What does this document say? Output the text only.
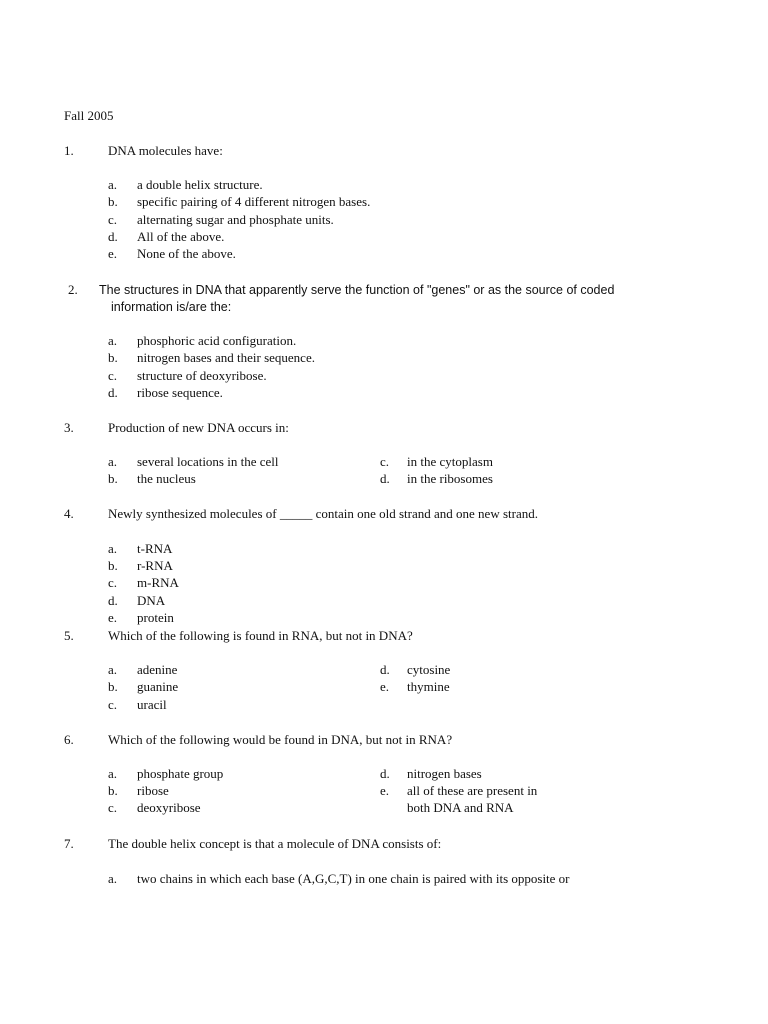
Fall 2005
1.	DNA molecules have:
a. a double helix structure.
b. specific pairing of 4 different nitrogen bases.
c. alternating sugar and phosphate units.
d. All of the above.
e. None of the above.
2. The structures in DNA that apparently serve the function of "genes" or as the source of coded
information is/are the:
a. phosphoric acid configuration.
b. nitrogen bases and their sequence.
c. structure of deoxyribose.
d. ribose sequence.
3.	Production of new DNA occurs in:
a. several locations in the cell
b. the nucleus
c. in the cytoplasm
d. in the ribosomes
4.	Newly synthesized molecules of _____ contain one old strand and one new strand.
a. t-RNA
b. r-RNA
c. m-RNA
d. DNA
e. protein
5.	Which of the following is found in RNA, but not in DNA?
a. adenine
b. guanine
c. uracil
d. cytosine
e. thymine
6.	Which of the following would be found in DNA, but not in RNA?
a. phosphate group
b. ribose
c. deoxyribose
d. nitrogen bases
e. all of these are present in
both DNA and RNA
7.	The double helix concept is that a molecule of DNA consists of:
a. two chains in which each base (A,G,C,T) in one chain is paired with its opposite or
